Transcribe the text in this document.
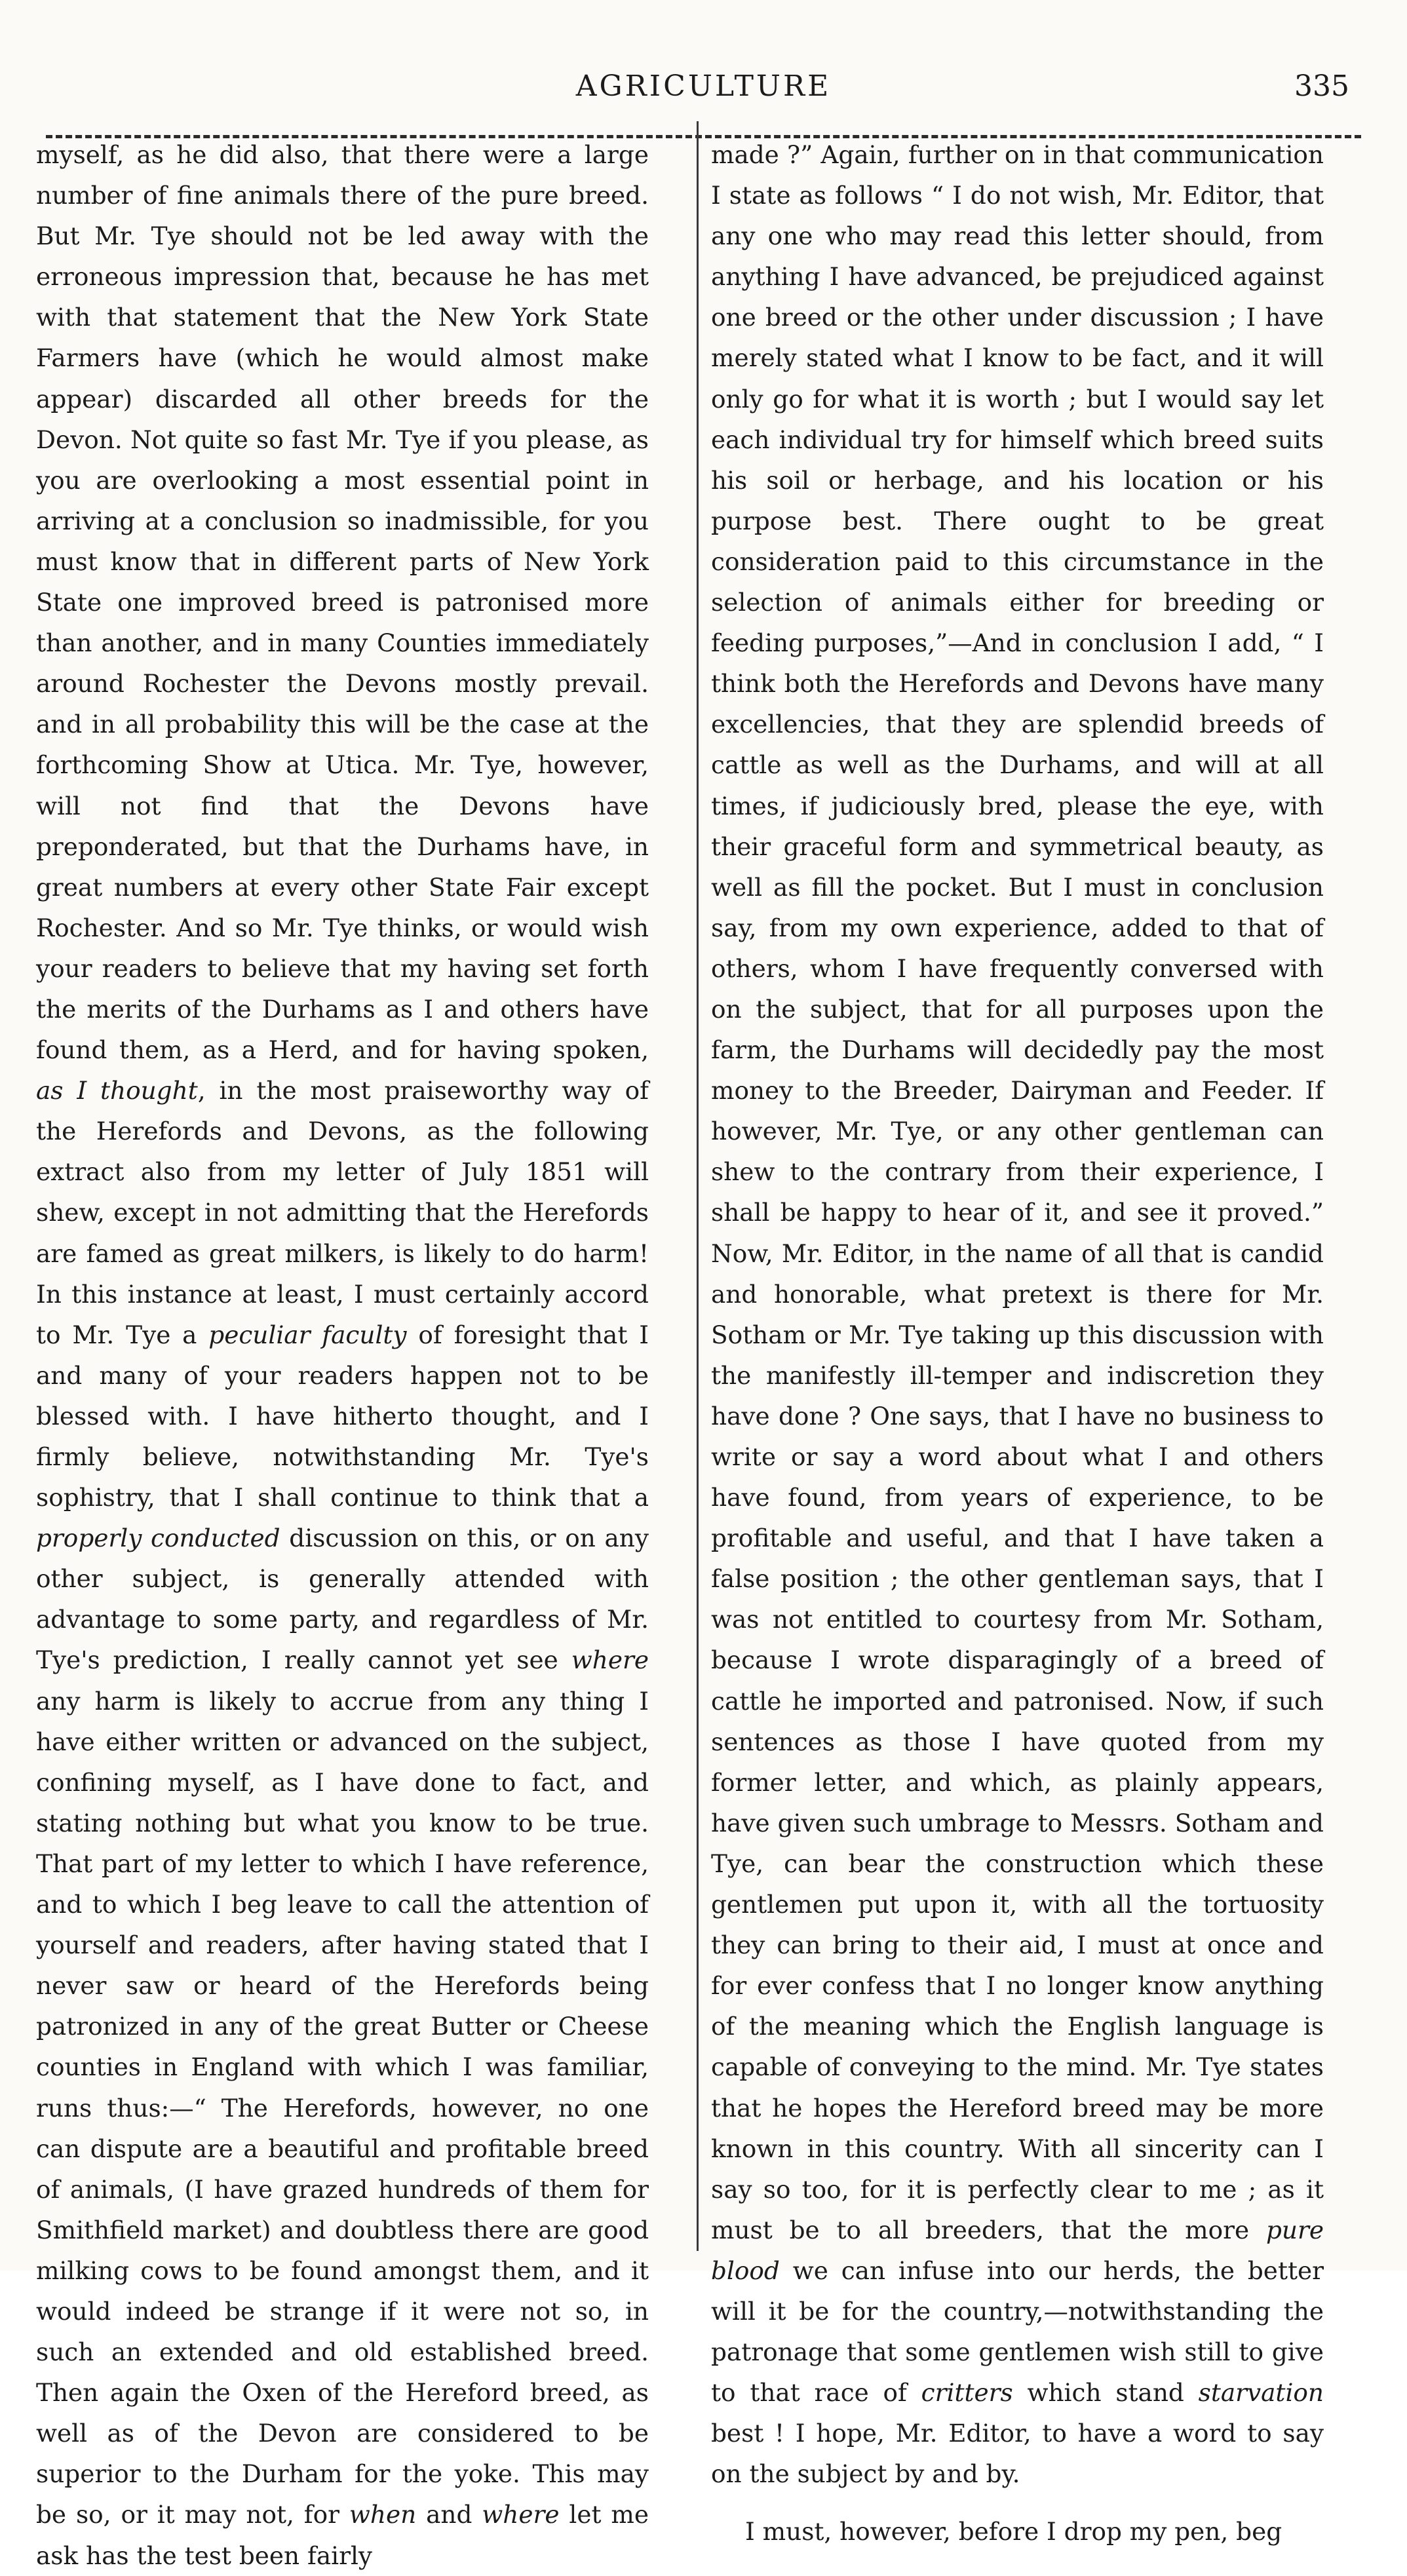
AGRICULTURE	335

myself, as he did also, that there were a large number of fine animals there of the pure breed. But Mr. Tye should not be led away with the erroneous impression that, because he has met with that statement that the New York State Farmers have (which he would almost make appear) discarded all other breeds for the Devon. Not quite so fast Mr. Tye if you please, as you are overlooking a most essential point in arriving at a conclusion so inadmissible, for you must know that in different parts of New York State one improved breed is patronised more than another, and in many Counties immediately around Rochester the Devons mostly prevail. and in all probability this will be the case at the forthcoming Show at Utica. Mr. Tye, however, will not find that the Devons have preponderated, but that the Durhams have, in great numbers at every other State Fair except Rochester. And so Mr. Tye thinks, or would wish your readers to believe that my having set forth the merits of the Durhams as I and others have found them, as a Herd, and for having spoken, as I thought, in the most praiseworthy way of the Herefords and Devons, as the following extract also from my letter of July 1851 will shew, except in not admitting that the Herefords are famed as great milkers, is likely to do harm! In this instance at least, I must certainly accord to Mr. Tye a peculiar faculty of foresight that I and many of your readers happen not to be blessed with. I have hitherto thought, and I firmly believe, notwithstanding Mr. Tye's sophistry, that I shall continue to think that a properly conducted discussion on this, or on any other subject, is generally attended with advantage to some party, and regardless of Mr. Tye's prediction, I really cannot yet see where any harm is likely to accrue from any thing I have either written or advanced on the subject, confining myself, as I have done to fact, and stating nothing but what you know to be true. That part of my letter to which I have reference, and to which I beg leave to call the attention of yourself and readers, after having stated that I never saw or heard of the Herefords being patronized in any of the great Butter or Cheese counties in England with which I was familiar, runs thus:—“ The Herefords, however, no one can dispute are a beautiful and profitable breed of animals, (I have grazed hundreds of them for Smithfield market) and doubtless there are good milking cows to be found amongst them, and it would indeed be strange if it were not so, in such an extended and old established breed. Then again the Oxen of the Hereford breed, as well as of the Devon are considered to be superior to the Durham for the yoke. This may be so, or it may not, for when and where let me ask has the test been fairly

made ?” Again, further on in that communication I state as follows “ I do not wish, Mr. Editor, that any one who may read this letter should, from anything I have advanced, be prejudiced against one breed or the other under discussion ; I have merely stated what I know to be fact, and it will only go for what it is worth ; but I would say let each individual try for himself which breed suits his soil or herbage, and his location or his purpose best. There ought to be great consideration paid to this circumstance in the selection of animals either for breeding or feeding purposes,”—And in conclusion I add, “ I think both the Herefords and Devons have many excellencies, that they are splendid breeds of cattle as well as the Durhams, and will at all times, if judiciously bred, please the eye, with their graceful form and symmetrical beauty, as well as fill the pocket. But I must in conclusion say, from my own experience, added to that of others, whom I have frequently conversed with on the subject, that for all purposes upon the farm, the Durhams will decidedly pay the most money to the Breeder, Dairyman and Feeder. If however, Mr. Tye, or any other gentleman can shew to the contrary from their experience, I shall be happy to hear of it, and see it proved.” Now, Mr. Editor, in the name of all that is candid and honorable, what pretext is there for Mr. Sotham or Mr. Tye taking up this discussion with the manifestly ill-temper and indiscretion they have done ? One says, that I have no business to write or say a word about what I and others have found, from years of experience, to be profitable and useful, and that I have taken a false position ; the other gentleman says, that I was not entitled to courtesy from Mr. Sotham, because I wrote disparagingly of a breed of cattle he imported and patronised. Now, if such sentences as those I have quoted from my former letter, and which, as plainly appears, have given such umbrage to Messrs. Sotham and Tye, can bear the construction which these gentlemen put upon it, with all the tortuosity they can bring to their aid, I must at once and for ever confess that I no longer know anything of the meaning which the English language is capable of conveying to the mind. Mr. Tye states that he hopes the Hereford breed may be more known in this country. With all sincerity can I say so too, for it is perfectly clear to me ; as it must be to all breeders, that the more pure blood we can infuse into our herds, the better will it be for the country,—notwithstanding the patronage that some gentlemen wish still to give to that race of critters which stand starvation best ! I hope, Mr. Editor, to have a word to say on the subject by and by.

I must, however, before I drop my pen, beg
